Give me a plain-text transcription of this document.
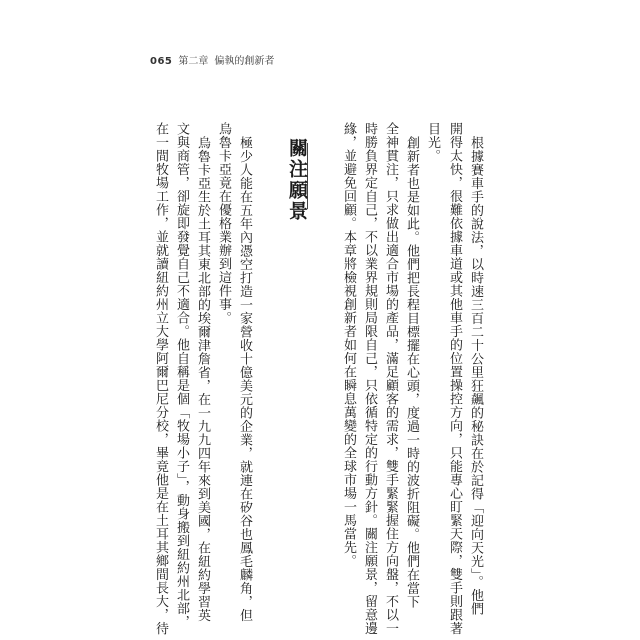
065 第二章 偏執的創新者
根據賽車手的說法，以時速三百二十公里狂飆的秘訣在於記得「迎向天光」。他們
開得太快，很難依據車道或其他車手的位置操控方向，只能專心盯緊天際，雙手則跟著
目光。
創新者也是如此。他們把長程目標擺在心頭，度過一時的波折阻礙。他們在當下
全神貫注，只求做出適合市場的產品，滿足顧客的需求，雙手緊緊握住方向盤，不以一
時勝負界定自己，不以業界規則局限自己，只依循特定的行動方針。關注願景，留意邊
緣，並避免回顧。本章將檢視創新者如何在瞬息萬變的全球市場一馬當先。
關注願景
極少人能在五年內憑空打造一家營收十億美元的企業，就連在矽谷也鳳毛麟角，但
烏魯卡亞竟在優格業辦到這件事。
烏魯卡亞生於土耳其東北部的埃爾津詹省，在一九九四年來到美國，在紐約學習英
文與商管，卻旋即發覺自己不適合。他自稱是個「牧場小子」，動身搬到紐約州北部，
在一間牧場工作，並就讀紐約州立大學阿爾巴尼分校，畢竟他是在土耳其鄉間長大，待
